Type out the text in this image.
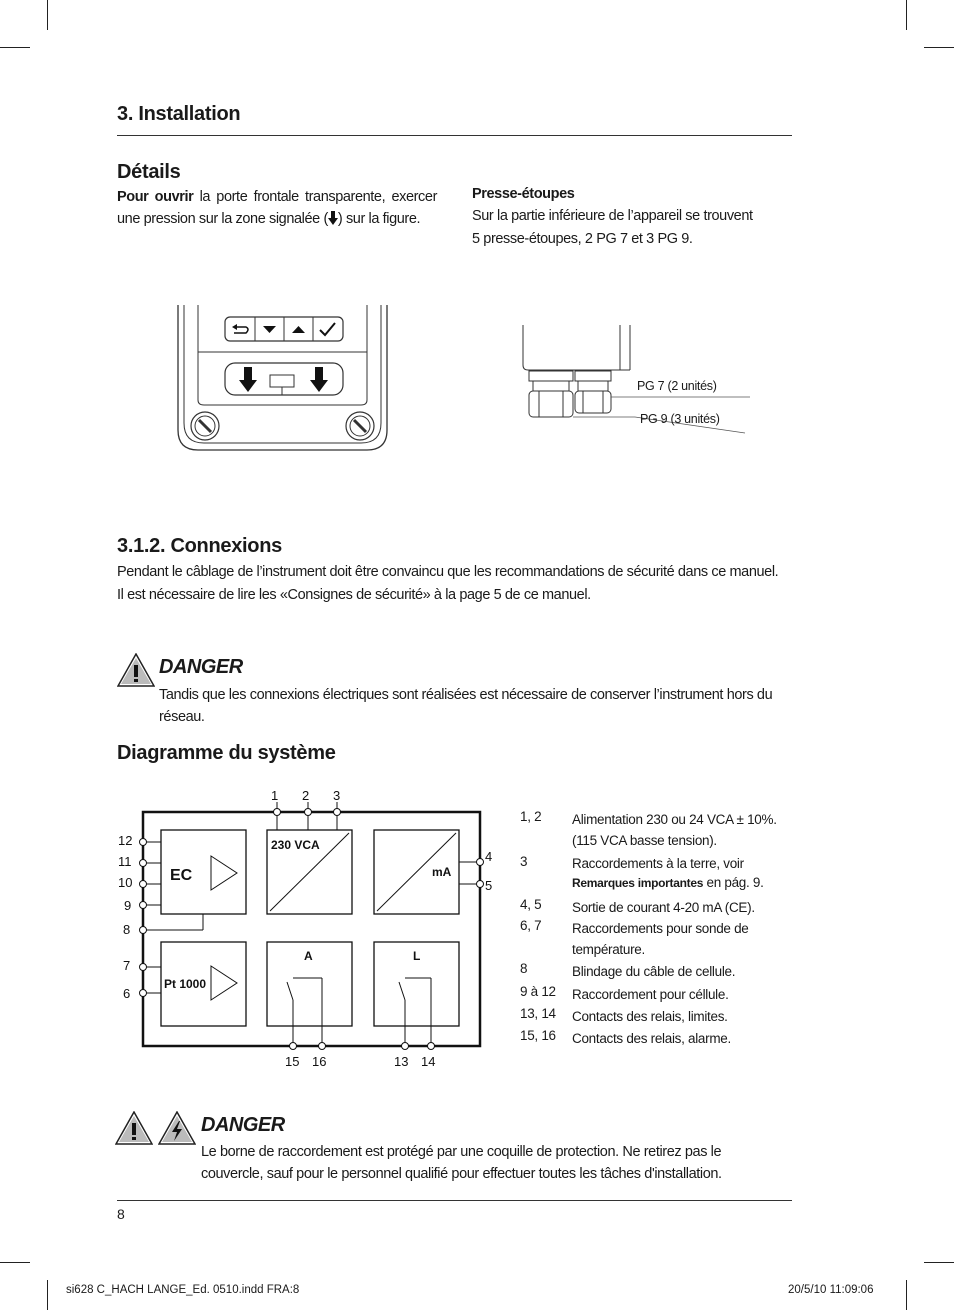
3. Installation
Détails
Pour ouvrir la porte frontale transparente, exercer une pression sur la zone signalée ( ) sur la figure.
Presse-étoupes
Sur la partie inférieure de l’appareil se trouvent
5 presse-étoupes, 2 PG 7 et 3 PG 9.
PG 7 (2 unités)
PG 9 (3 unités)
3.1.2. Connexions
Pendant le câblage de l’instrument doit être convaincu que les recommandations de sécurité dans ce manuel.
Il est nécessaire de lire les «Consignes de sécurité» à la page 5 de ce manuel.
DANGER
Tandis que les connexions électriques sont réalisées est nécessaire de conserver l’instrument hors du
réseau.
Diagramme du système
1 2 3
EC
230 VCA
mA
Pt 1000
A	L
12
11
10
9
8
7
6
4
5
15 16	13 14
1, 2	Alimentation 230 ou 24 VCA ± 10%.
(115 VCA basse tension).
3	Raccordements à la terre, voir
Remarques importantes en pág. 9.
4, 5	Sortie de courant 4-20 mA (CE).
6, 7	Raccordements pour sonde de
température.
8	Blindage du câble de cellule.
9 à 12	Raccordement pour céllule.
13, 14	Contacts des relais, limites.
15, 16	Contacts des relais, alarme.
DANGER
Le borne de raccordement est protégé par une coquille de protection. Ne retirez pas le
couvercle, sauf pour le personnel qualifié pour effectuer toutes les tâches d'installation.
8
si628 C_HACH LANGE_Ed. 0510.indd FRA:8	20/5/10 11:09:06
